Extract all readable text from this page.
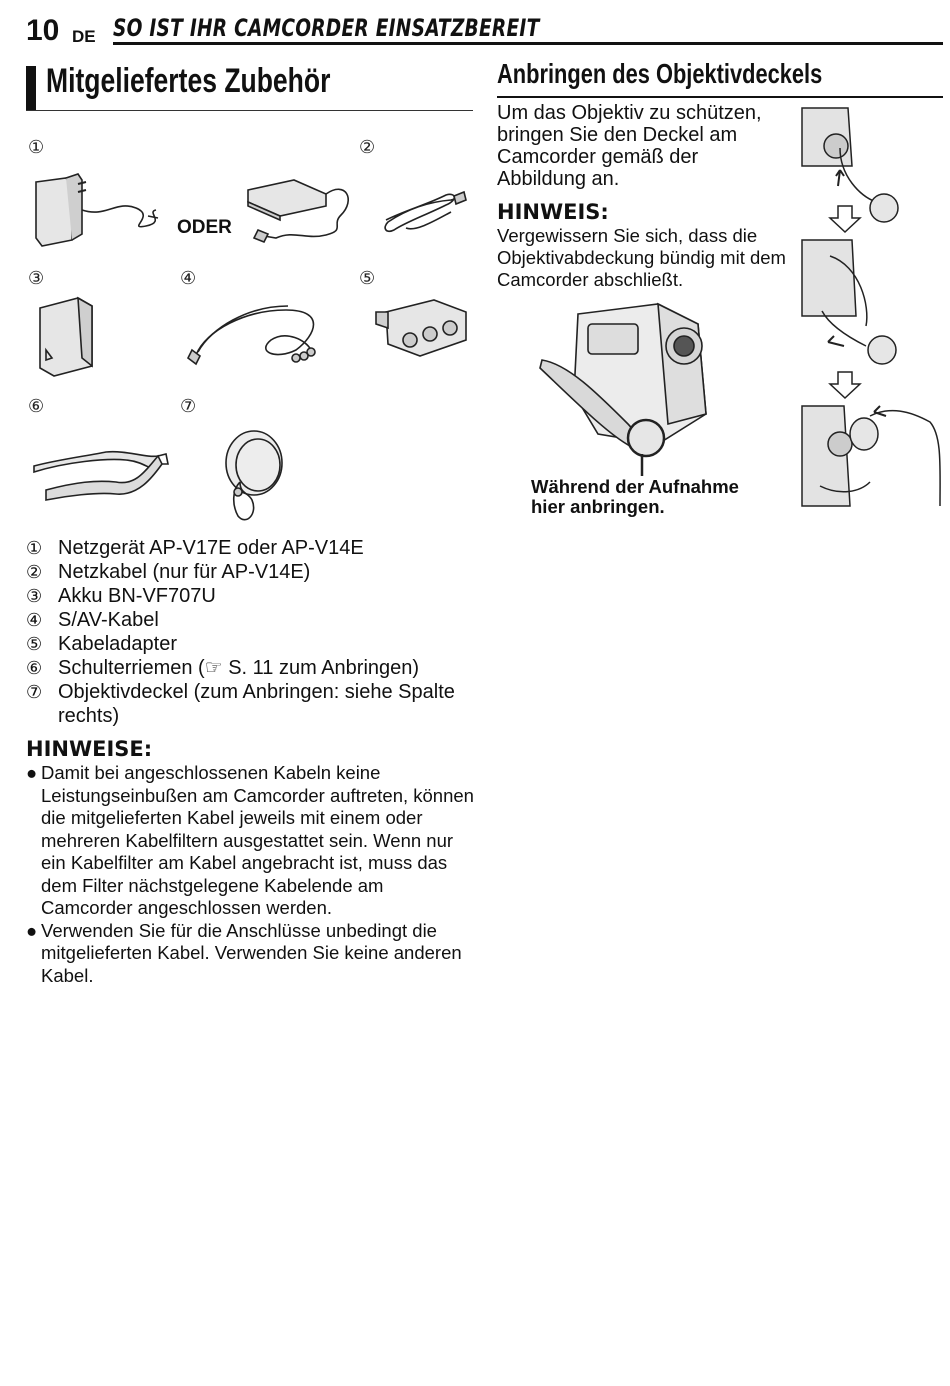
10 DE SO IST IHR CAMCORDER EINSATZBEREIT
Mitgeliefertes Zubehör	Anbringen des Objektivdeckels
①	②
③	④	⑤
⑥	⑦
ODER
① Netzgerät AP-V17E oder AP-V14E
② Netzkabel (nur für AP-V14E)
③ Akku BN-VF707U
④ S/AV-Kabel
⑤ Kabeladapter
⑥ Schulterriemen (☞ S. 11 zum Anbringen)
⑦ Objektivdeckel (zum Anbringen: siehe Spalte rechts)
HINWEISE:
● Damit bei angeschlossenen Kabeln keine Leistungseinbußen am Camcorder auftreten, können die mitgelieferten Kabel jeweils mit einem oder mehreren Kabelfiltern ausgestattet sein. Wenn nur ein Kabelfilter am Kabel angebracht ist, muss das dem Filter nächstgelegene Kabelende am Camcorder angeschlossen werden.
● Verwenden Sie für die Anschlüsse unbedingt die mitgelieferten Kabel. Verwenden Sie keine anderen Kabel.
Um das Objektiv zu schützen, bringen Sie den Deckel am Camcorder gemäß der Abbildung an.
HINWEIS:
Vergewissern Sie sich, dass die Objektivabdeckung bündig mit dem Camcorder abschließt.
Während der Aufnahme
hier anbringen.
